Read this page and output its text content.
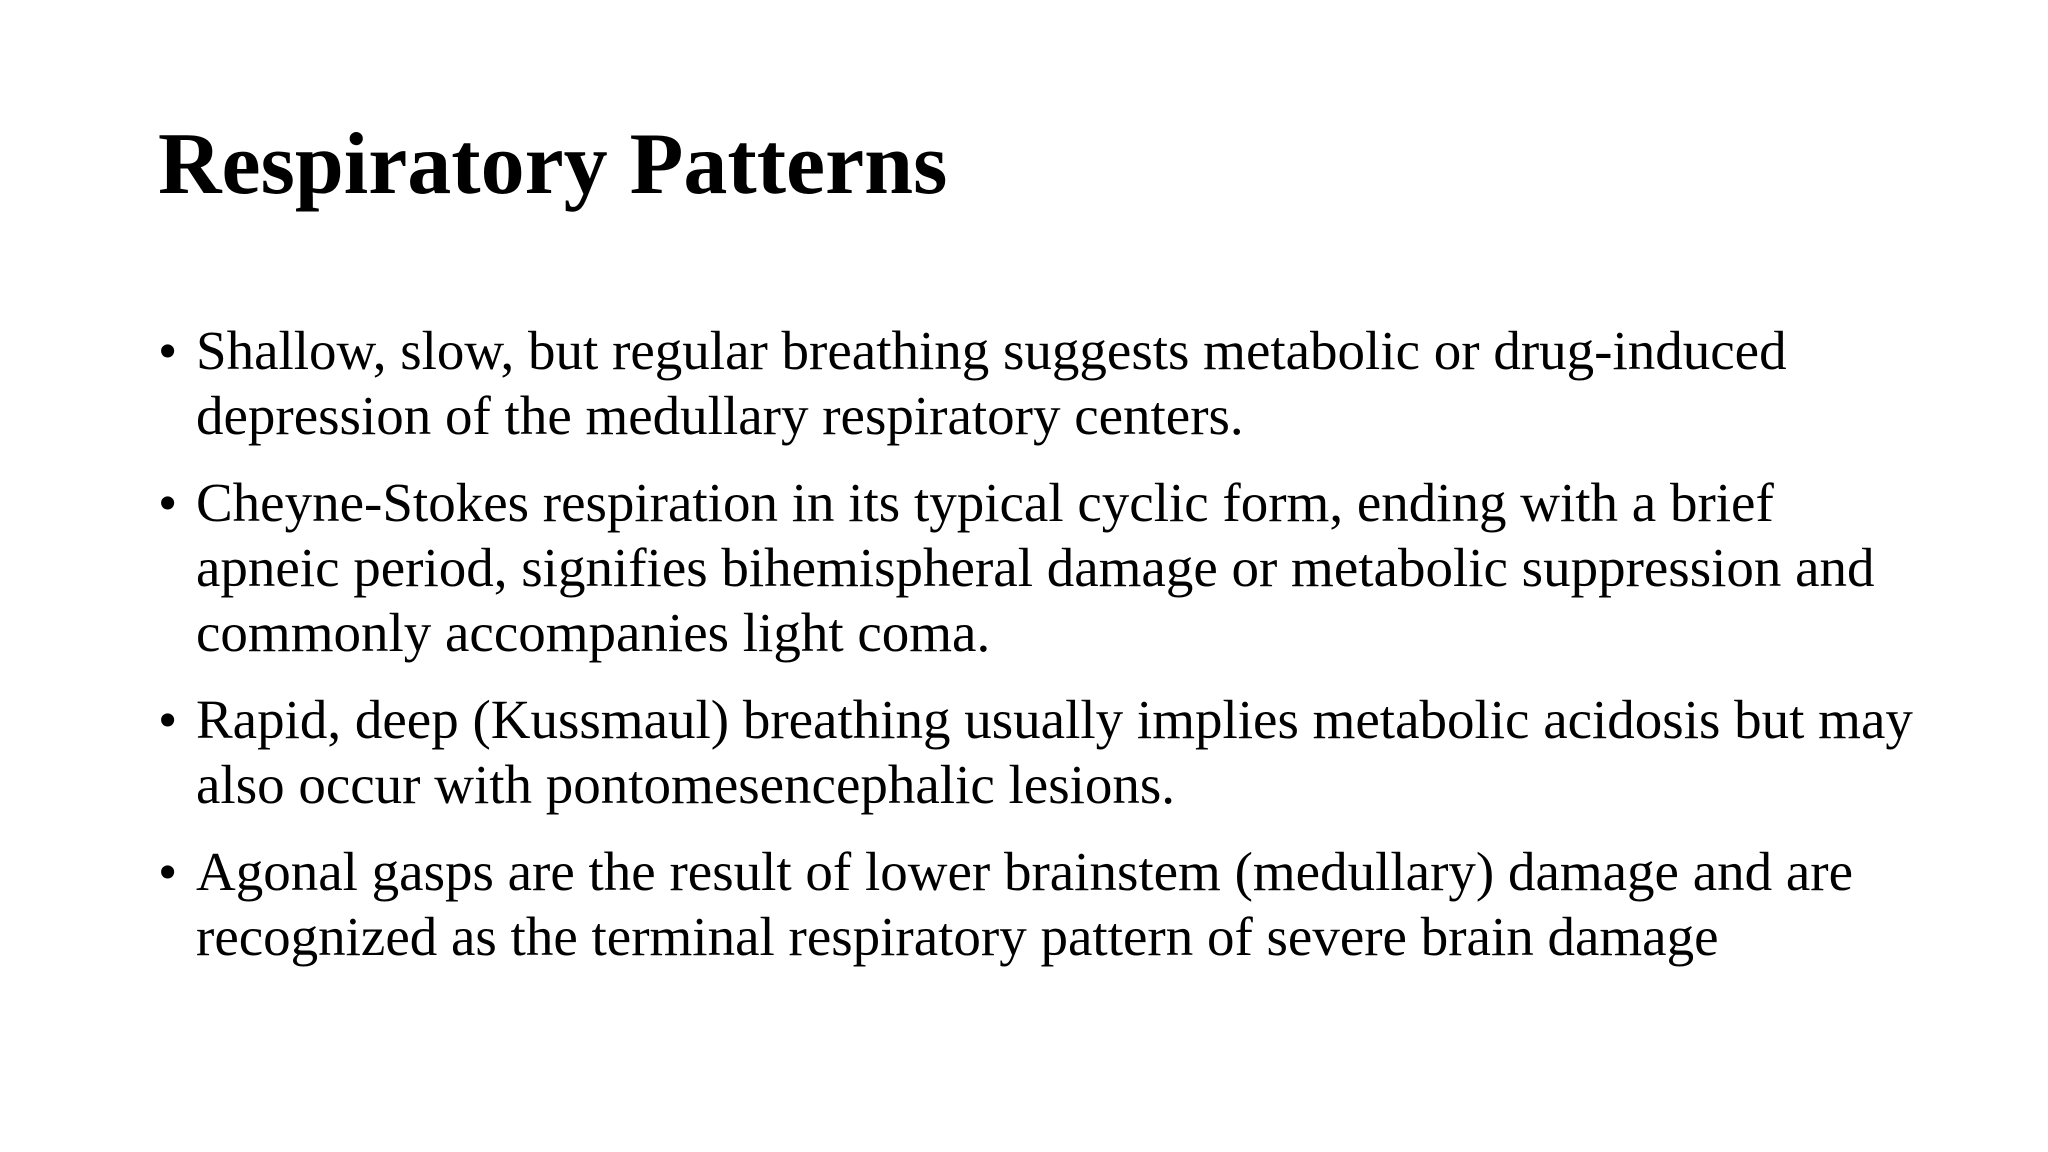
Respiratory Patterns
• Shallow, slow, but regular breathing suggests metabolic or drug-induced depression of the medullary respiratory centers.
• Cheyne-Stokes respiration in its typical cyclic form, ending with a brief apneic period, signifies bihemispheral damage or metabolic suppression and commonly accompanies light coma.
• Rapid, deep (Kussmaul) breathing usually implies metabolic acidosis but may also occur with pontomesencephalic lesions.
• Agonal gasps are the result of lower brainstem (medullary) damage and are recognized as the terminal respiratory pattern of severe brain damage
